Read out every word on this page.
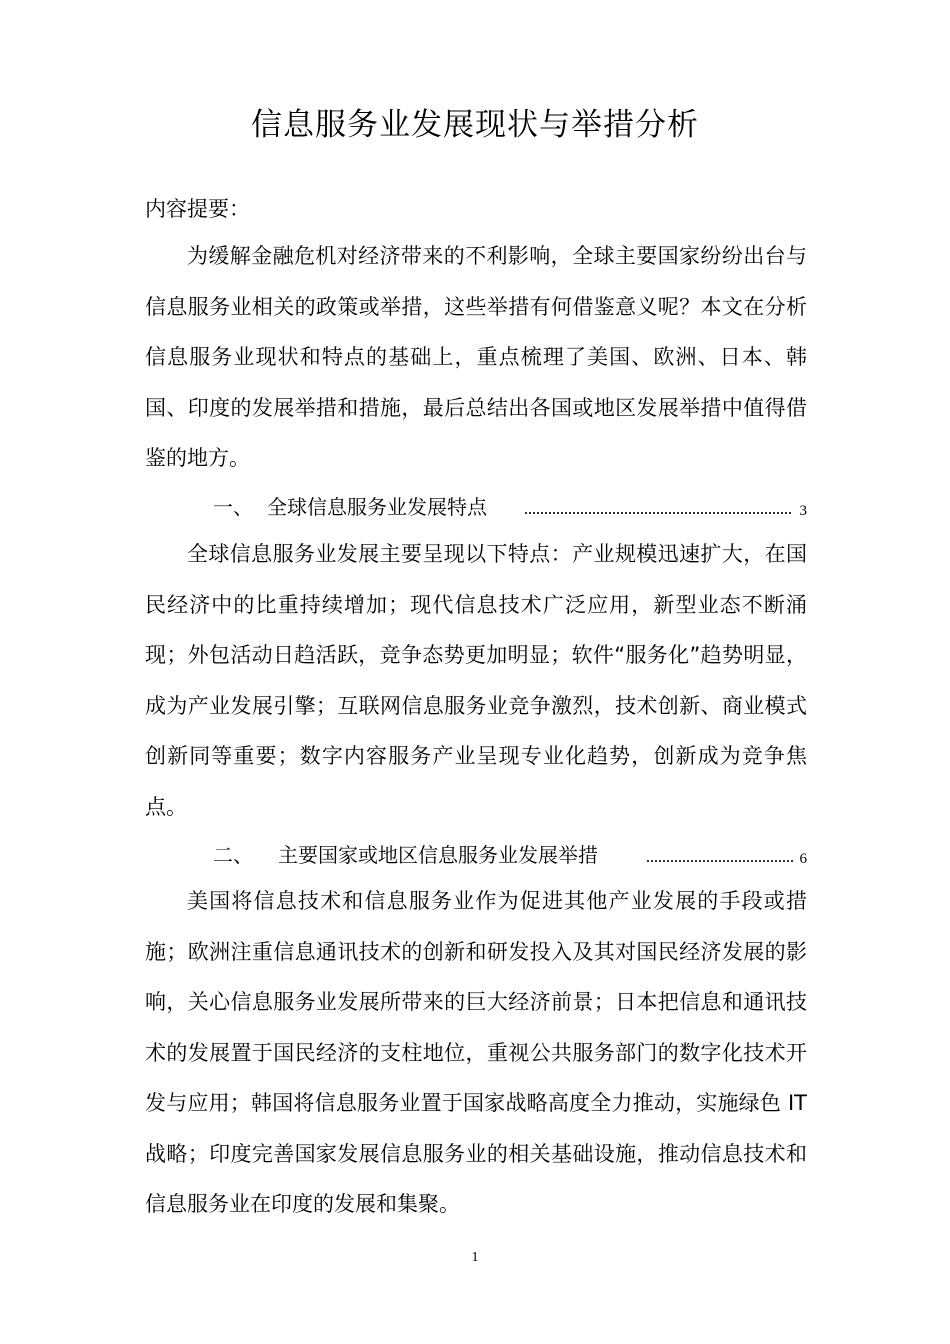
信息服务业发展现状与举措分析
内容提要：

为缓解金融危机对经济带来的不利影响，全球主要国家纷纷出台与信息服务业相关的政策或举措，这些举措有何借鉴意义呢？本文在分析信息服务业现状和特点的基础上，重点梳理了美国、欧洲、日本、韩国、印度的发展举措和措施，最后总结出各国或地区发展举措中值得借鉴的地方。

一、 全球信息服务业发展特点	3

全球信息服务业发展主要呈现以下特点：产业规模迅速扩大，在国民经济中的比重持续增加；现代信息技术广泛应用，新型业态不断涌现；外包活动日趋活跃，竞争态势更加明显；软件“服务化”趋势明显，成为产业发展引擎；互联网信息服务业竞争激烈，技术创新、商业模式创新同等重要；数字内容服务产业呈现专业化趋势，创新成为竞争焦点。

二、 主要国家或地区信息服务业发展举措	6

美国将信息技术和信息服务业作为促进其他产业发展的手段或措施；欧洲注重信息通讯技术的创新和研发投入及其对国民经济发展的影响，关心信息服务业发展所带来的巨大经济前景；日本把信息和通讯技术的发展置于国民经济的支柱地位，重视公共服务部门的数字化技术开发与应用；韩国将信息服务业置于国家战略高度全力推动，实施绿色 IT 战略；印度完善国家发展信息服务业的相关基础设施，推动信息技术和信息服务业在印度的发展和集聚。

1
